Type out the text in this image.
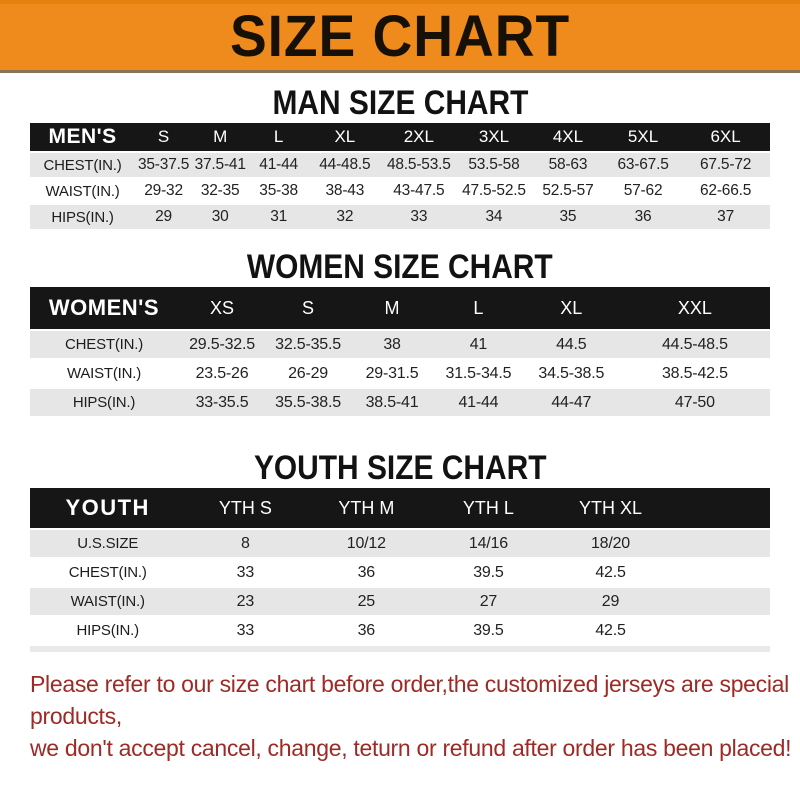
SIZE CHART
MAN SIZE CHART
MEN'S	S	M	L	XL	2XL	3XL	4XL	5XL	6XL
CHEST(IN.)	35-37.5	37.5-41	41-44	44-48.5	48.5-53.5	53.5-58	58-63	63-67.5	67.5-72
WAIST(IN.)	29-32	32-35	35-38	38-43	43-47.5	47.5-52.5	52.5-57	57-62	62-66.5
HIPS(IN.)	29	30	31	32	33	34	35	36	37
WOMEN SIZE CHART
WOMEN'S	XS	S	M	L	XL	XXL
CHEST(IN.)	29.5-32.5	32.5-35.5	38	41	44.5	44.5-48.5
WAIST(IN.)	23.5-26	26-29	29-31.5	31.5-34.5	34.5-38.5	38.5-42.5
HIPS(IN.)	33-35.5	35.5-38.5	38.5-41	41-44	44-47	47-50
YOUTH SIZE CHART
YOUTH	YTH S	YTH M	YTH L	YTH XL	
U.S.SIZE	8	10/12	14/16	18/20	
CHEST(IN.)	33	36	39.5	42.5	
WAIST(IN.)	23	25	27	29	
HIPS(IN.)	33	36	39.5	42.5	

Please refer to our size chart before order,the customized jerseys are special products,
we don't accept cancel, change, teturn or refund after order has been placed!
